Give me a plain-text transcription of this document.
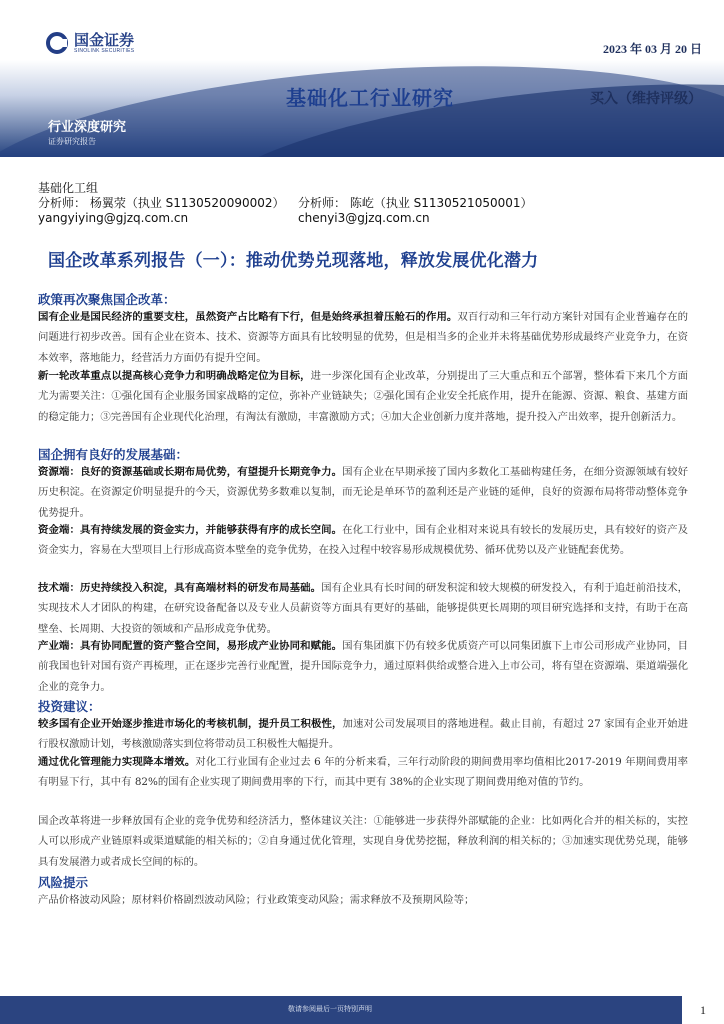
国金证券
SINOLINK SECURITIES	2023 年 03 月 20 日
基础化工行业研究	买入（维持评级）
行业深度研究
证券研究报告
基础化工组
分析师： 杨翼荥（执业 S1130520090002）	分析师： 陈屹（执业 S1130521050001）
yangyiying@gjzq.com.cn	chenyi3@gjzq.com.cn
国企改革系列报告（一）：推动优势兑现落地，释放发展优化潜力
政策再次聚焦国企改革：
国有企业是国民经济的重要支柱，虽然资产占比略有下行，但是始终承担着压舱石的作用。双百行动和三年行动方案针对国有企业普遍存在的问题进行初步改善。国有企业在资本、技术、资源等方面具有比较明显的优势，但是相当多的企业并未将基础优势形成最终产业竞争力，在资本效率，落地能力，经营活力方面仍有提升空间。
新一轮改革重点以提高核心竞争力和明确战略定位为目标，进一步深化国有企业改革，分别提出了三大重点和五个部署，整体看下来几个方面尤为需要关注：①强化国有企业服务国家战略的定位，弥补产业链缺失；②强化国有企业安全托底作用，提升在能源、资源、粮食、基建方面的稳定能力；③完善国有企业现代化治理，有淘汰有激励，丰富激励方式；④加大企业创新力度并落地，提升投入产出效率，提升创新活力。
国企拥有良好的发展基础：
资源端：良好的资源基础或长期布局优势，有望提升长期竞争力。国有企业在早期承接了国内多数化工基础构建任务，在细分资源领域有较好历史积淀。在资源定价明显提升的今天，资源优势多数难以复制，而无论是单环节的盈利还是产业链的延伸，良好的资源布局将带动整体竞争优势提升。
资金端：具有持续发展的资金实力，并能够获得有序的成长空间。在化工行业中，国有企业相对来说具有较长的发展历史，具有较好的资产及资金实力，容易在大型项目上行形成高资本壁垒的竞争优势，在投入过程中较容易形成规模优势、循环优势以及产业链配套优势。
技术端：历史持续投入积淀，具有高端材料的研发布局基础。国有企业具有长时间的研发积淀和较大规模的研发投入，有利于追赶前沿技术，实现技术人才团队的构建，在研究设备配备以及专业人员薪资等方面具有更好的基础，能够提供更长周期的项目研究选择和支持，有助于在高壁垒、长周期、大投资的领域和产品形成竞争优势。
产业端：具有协同配置的资产整合空间，易形成产业协同和赋能。国有集团旗下仍有较多优质资产可以同集团旗下上市公司形成产业协同，目前我国也针对国有资产再梳理，正在逐步完善行业配置，提升国际竞争力，通过原料供给或整合进入上市公司，将有望在资源端、渠道端强化企业的竞争力。
投资建议：
较多国有企业开始逐步推进市场化的考核机制，提升员工积极性，加速对公司发展项目的落地进程。截止目前，有超过 27 家国有企业开始进行股权激励计划，考核激励落实到位将带动员工积极性大幅提升。
通过优化管理能力实现降本增效。对化工行业国有企业过去 6 年的分析来看，三年行动阶段的期间费用率均值相比2017-2019 年期间费用率有明显下行，其中有 82%的国有企业实现了期间费用率的下行，而其中更有 38%的企业实现了期间费用绝对值的节约。
国企改革将进一步释放国有企业的竞争优势和经济活力，整体建议关注：①能够进一步获得外部赋能的企业：比如两化合并的相关标的，实控人可以形成产业链原料或渠道赋能的相关标的；②自身通过优化管理，实现自身优势挖掘，释放利润的相关标的；③加速实现优势兑现，能够具有发展潜力或者成长空间的标的。
风险提示
产品价格波动风险；原材料价格剧烈波动风险；行业政策变动风险；需求释放不及预期风险等；
敬请参阅最后一页特别声明	1
